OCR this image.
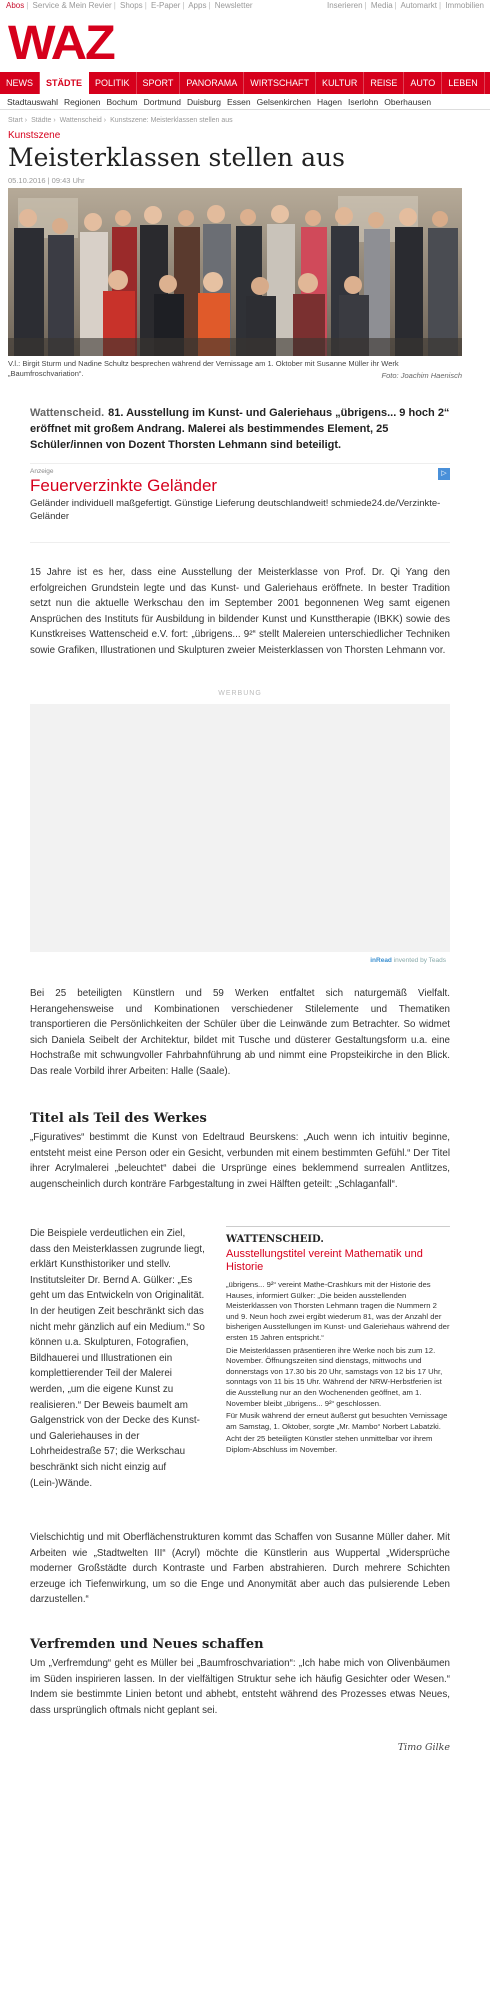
Abos | Service & Mein Revier | Shops | E-Paper | Apps | Newsletter	Inserieren | Media | Automarkt | Immobilien
WAZ
NEWS	STÄDTE	POLITIK	SPORT	PANORAMA	WIRTSCHAFT	KULTUR	REISE	AUTO	LEBEN
Stadtauswahl Regionen Bochum Dortmund Duisburg Essen Gelsenkirchen Hagen Iserlohn Oberhausen
Start › Städte › Wattenscheid › Kunstszene: Meisterklassen stellen aus
Kunstszene
Meisterklassen stellen aus
05.10.2016 | 09:43 Uhr
V.l.: Birgit Sturm und Nadine Schultz besprechen während der Vernissage am 1. Oktober mit Susanne Müller ihr Werk „Baumfroschvariation“.	Foto: Joachim Haenisch

Wattenscheid. 81. Ausstellung im Kunst- und Galeriehaus „übrigens... 9 hoch 2“ eröffnet mit großem Andrang. Malerei als bestimmendes Element, 25 Schüler/innen von Dozent Thorsten Lehmann sind beteiligt.

Anzeige	▷
Feuerverzinkte Geländer
Geländer individuell maßgefertigt. Günstige Lieferung deutschlandweit! schmiede24.de/Verzinkte-Geländer

15 Jahre ist es her, dass eine Ausstellung der Meisterklasse von Prof. Dr. Qi Yang den erfolgreichen Grundstein legte und das Kunst- und Galeriehaus eröffnete. In bester Tradition setzt nun die aktuelle Werkschau den im September 2001 begonnenen Weg samt eigenen Ansprüchen des Instituts für Ausbildung in bildender Kunst und Kunsttherapie (IBKK) sowie des Kunstkreises Wattenscheid e.V. fort: „übrigens... 9²“ stellt Malereien unterschiedlicher Techniken sowie Grafiken, Illustrationen und Skulpturen zweier Meisterklassen von Thorsten Lehmann vor.

WERBUNG
inRead invented by Teads

Bei 25 beteiligten Künstlern und 59 Werken entfaltet sich naturgemäß Vielfalt. Herangehensweise und Kombinationen verschiedener Stilelemente und Thematiken transportieren die Persönlichkeiten der Schüler über die Leinwände zum Betrachter. So widmet sich Daniela Seibelt der Architektur, bildet mit Tusche und düsterer Gestaltungsform u.a. eine Hochstraße mit schwungvoller Fahrbahnführung ab und nimmt eine Propsteikirche in den Blick. Das reale Vorbild ihrer Arbeiten: Halle (Saale).

Titel als Teil des Werkes

„Figuratives“ bestimmt die Kunst von Edeltraud Beurskens: „Auch wenn ich intuitiv beginne, entsteht meist eine Person oder ein Gesicht, verbunden mit einem bestimmten Gefühl.“ Der Titel ihrer Acrylmalerei „beleuchtet“ dabei die Ursprünge eines beklemmend surrealen Antlitzes, augenscheinlich durch konträre Farbgestaltung in zwei Hälften geteilt: „Schlaganfall“.

Die Beispiele verdeutlichen ein Ziel, dass den Meisterklassen zugrunde liegt, erklärt Kunsthistoriker und stellv. Institutsleiter Dr. Bernd A. Gülker: „Es geht um das Entwickeln von Originalität. In der heutigen Zeit beschränkt sich das nicht mehr gänzlich auf ein Medium.“ So können u.a. Skulpturen, Fotografien, Bildhauerei und Illustrationen ein komplettierender Teil der Malerei werden, „um die eigene Kunst zu realisieren.“ Der Beweis baumelt am Galgenstrick von der Decke des Kunst- und Galeriehauses in der Lohrheidestraße 57; die Werkschau beschränkt sich nicht einzig auf (Lein-)Wände.

WATTENSCHEID.
Ausstellungstitel vereint Mathematik und Historie

„übrigens... 9²“ vereint Mathe-Crashkurs mit der Historie des Hauses, informiert Gülker: „Die beiden ausstellenden Meisterklassen von Thorsten Lehmann tragen die Nummern 2 und 9. Neun hoch zwei ergibt wiederum 81, was der Anzahl der bisherigen Ausstellungen im Kunst- und Galeriehaus während der ersten 15 Jahren entspricht.“

Die Meisterklassen präsentieren ihre Werke noch bis zum 12. November. Öffnungszeiten sind dienstags, mittwochs und donnerstags von 17.30 bis 20 Uhr, samstags von 12 bis 17 Uhr, sonntags von 11 bis 15 Uhr. Während der NRW-Herbstferien ist die Ausstellung nur an den Wochenenden geöffnet, am 1. November bleibt „übrigens... 9²“ geschlossen.

Für Musik während der erneut äußerst gut besuchten Vernissage am Samstag, 1. Oktober, sorgte „Mr. Mambo“ Norbert Labatzki.

Acht der 25 beteiligten Künstler stehen unmittelbar vor ihrem Diplom-Abschluss im November.

Vielschichtig und mit Oberflächenstrukturen kommt das Schaffen von Susanne Müller daher. Mit Arbeiten wie „Stadtwelten III“ (Acryl) möchte die Künstlerin aus Wuppertal „Widersprüche moderner Großstädte durch Kontraste und Farben abstrahieren. Durch mehrere Schichten erzeuge ich Tiefenwirkung, um so die Enge und Anonymität aber auch das pulsierende Leben darzustellen.“

Verfremden und Neues schaffen

Um „Verfremdung“ geht es Müller bei „Baumfroschvariation“: „Ich habe mich von Olivenbäumen im Süden inspirieren lassen. In der vielfältigen Struktur sehe ich häufig Gesichter oder Wesen.“ Indem sie bestimmte Linien betont und abhebt, entsteht während des Prozesses etwas Neues, dass ursprünglich oftmals nicht geplant sei.

Timo Gilke
